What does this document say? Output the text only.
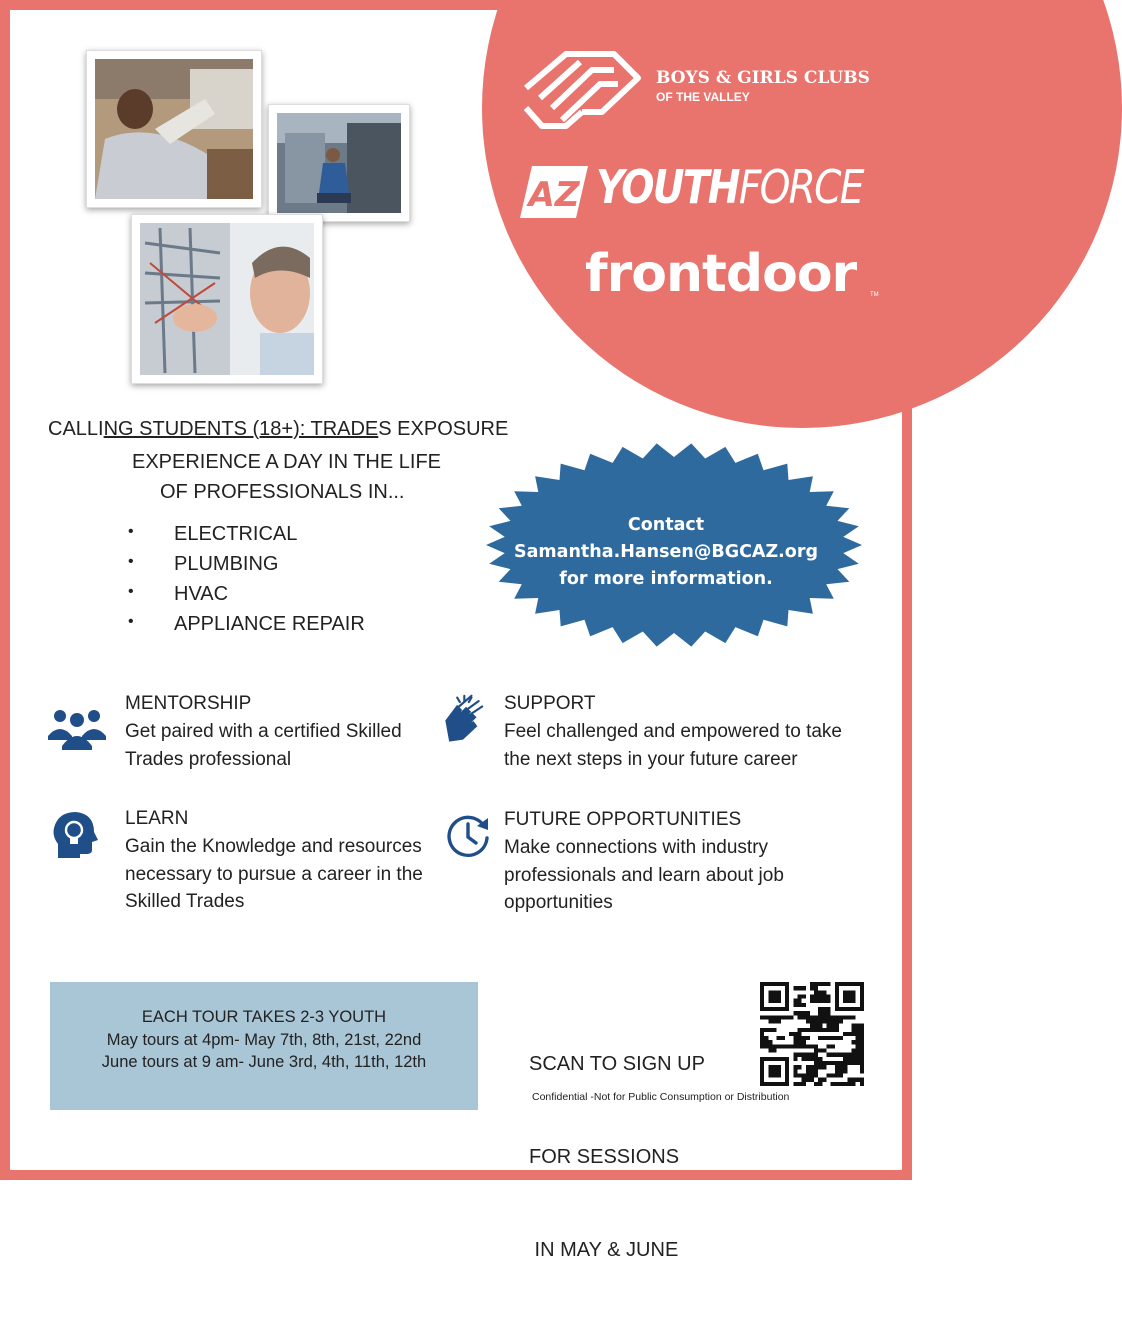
BOYS & GIRLS CLUBS
OF THE VALLEY
AZ YOUTHFORCE
frontdoor TM
CALLING STUDENTS (18+): TRADES EXPOSURE
EXPERIENCE A DAY IN THE LIFE
OF PROFESSIONALS IN...
• ELECTRICAL
• PLUMBING
• HVAC
• APPLIANCE REPAIR
Contact
Samantha.Hansen@BGCAZ.org
for more information.
MENTORSHIP
Get paired with a certified Skilled Trades professional
SUPPORT
Feel challenged and empowered to take the next steps in your future career
LEARN
Gain the Knowledge and resources necessary to pursue a career in the Skilled Trades
FUTURE OPPORTUNITIES
Make connections with industry professionals and learn about job opportunities
EACH TOUR TAKES 2-3 YOUTH
May tours at 4pm- May 7th, 8th, 21st, 22nd
June tours at 9 am- June 3rd, 4th, 11th, 12th

	SCAN TO SIGN UP

FOR SESSIONS

IN MAY & JUNE

Confidential -Not for Public Consumption or Distribution
